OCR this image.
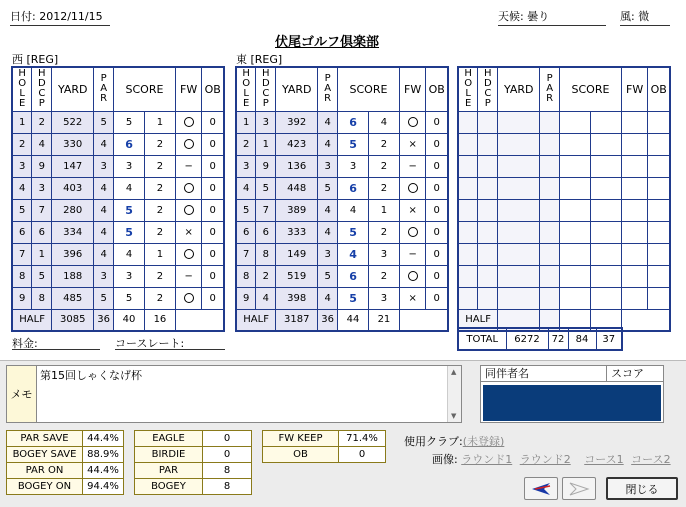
日付: 2012/11/15	天候: 曇り	風: 微
伏尾ゴルフ倶楽部
西 [REG]	東 [REG]
HOLE	HDCP	YARD	PAR	SCORE		FW	OB
1	2	522	5	5	1		0
2	4	330	4	6	2		0
3	9	147	3	3	2	−	0
4	3	403	4	4	2		0
5	7	280	4	5	2		0
6	6	334	4	5	2	×	0
7	1	396	4	4	1		0
8	5	188	3	3	2	−	0
9	8	485	5	5	2		0
HALF		3085	36	40	16		
HOLE	HDCP	YARD	PAR	SCORE		FW	OB
1	3	392	4	6	4		0
2	1	423	4	5	2	×	0
3	9	136	3	3	2	−	0
4	5	448	5	6	2		0
5	7	389	4	4	1	×	0
6	6	333	4	5	2		0
7	8	149	3	4	3	−	0
8	2	519	5	6	2		0
9	4	398	4	5	3	×	0
HALF		3187	36	44	21		
HOLE	HDCP	YARD	PAR	SCORE		FW	OB

HALF							
TOTAL	6272	72	84	37
料金:	コースレート:
メモ
第15回しゃくなげ杯	▲
▼
同伴者名	スコア
PAR SAVE	44.4%
BOGEY SAVE	88.9%
PAR ON	44.4%
BOGEY ON	94.4%
EAGLE	0
BIRDIE	0
PAR	8
BOGEY	8
FW KEEP	71.4%
OB	0
使用クラブ:(未登録)
画像: ラウンド1 ラウンド2 コース1 コース2
閉じる
